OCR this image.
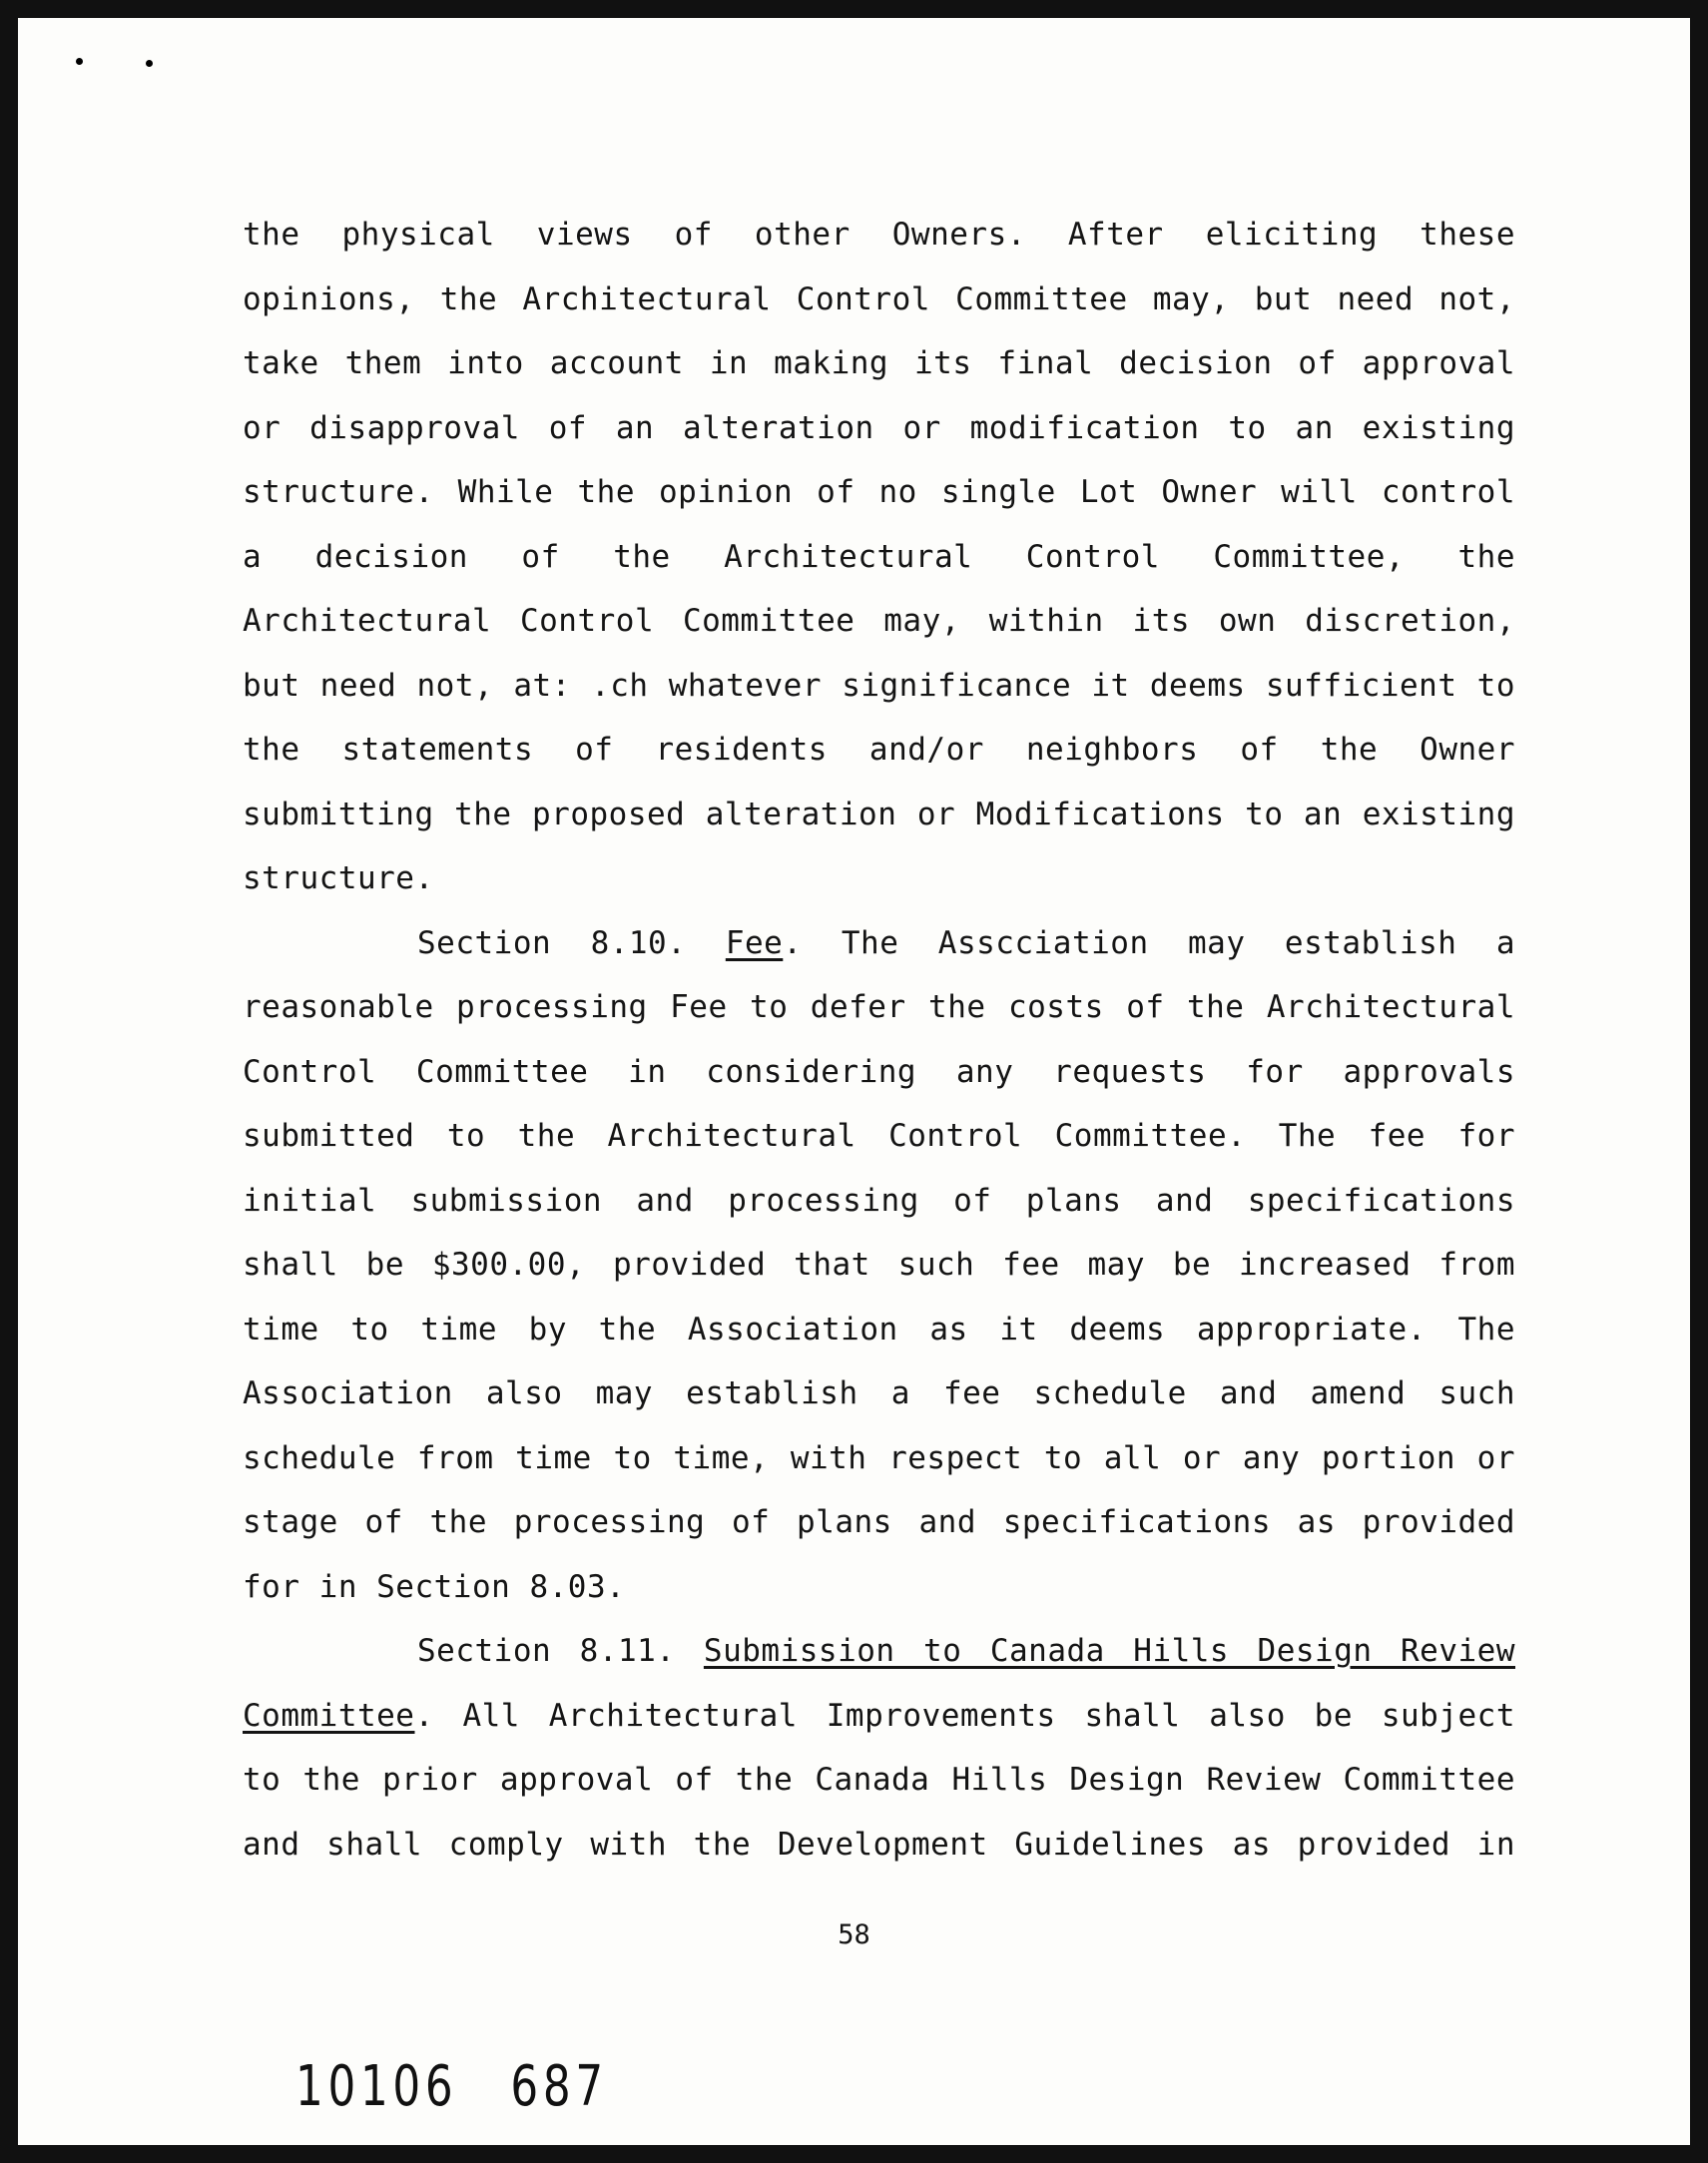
the physical views of other Owners. After eliciting these
opinions, the Architectural Control Committee may, but need not,
take them into account in making its final decision of approval
or disapproval of an alteration or modification to an existing
structure. While the opinion of no single Lot Owner will control
a decision of the Architectural Control Committee, the
Architectural Control Committee may, within its own discretion,
but need not, at: .ch whatever significance it deems sufficient to
the statements of residents and/or neighbors of the Owner
submitting the proposed alteration or Modifications to an existing
structure.
Section 8.10. Fee. The Asscciation may establish a
reasonable processing Fee to defer the costs of the Architectural
Control Committee in considering any requests for approvals
submitted to the Architectural Control Committee. The fee for
initial submission and processing of plans and specifications
shall be $300.00, provided that such fee may be increased from
time to time by the Association as it deems appropriate. The
Association also may establish a fee schedule and amend such
schedule from time to time, with respect to all or any portion or
stage of the processing of plans and specifications as provided
for in Section 8.03.
Section 8.11. Submission to Canada Hills Design Review
Committee. All Architectural Improvements shall also be subject
to the prior approval of the Canada Hills Design Review Committee
and shall comply with the Development Guidelines as provided in
58
10106 687
